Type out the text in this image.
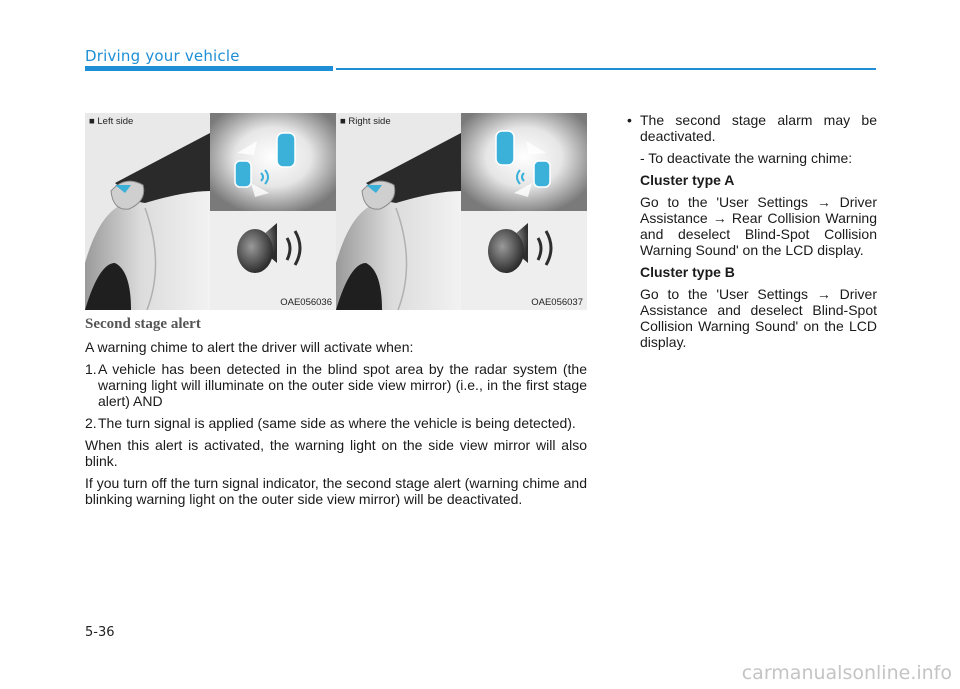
Driving your vehicle
■ Left side
OAE056036
■ Right side
OAE056037
Second stage alert
A warning chime to alert the driver will activate when:
1. A vehicle has been detected in the blind spot area by the radar system (the warning light will illuminate on the outer side view mirror) (i.e., in the first stage alert) AND
2. The turn signal is applied (same side as where the vehicle is being detected).
When this alert is activated, the warning light on the side view mirror will also blink.
If you turn off the turn signal indicator, the second stage alert (warning chime and blinking warning light on the outer side view mirror) will be deactivated.
• The second stage alarm may be deactivated.
- To deactivate the warning chime:
Cluster type A
Go to the 'User Settings → Driver Assistance → Rear Collision Warning and deselect Blind-Spot Collision Warning Sound' on the LCD display.
Cluster type B
Go to the 'User Settings → Driver Assistance and deselect Blind-Spot Collision Warning Sound' on the LCD display.
5-36
carmanualsonline.info
